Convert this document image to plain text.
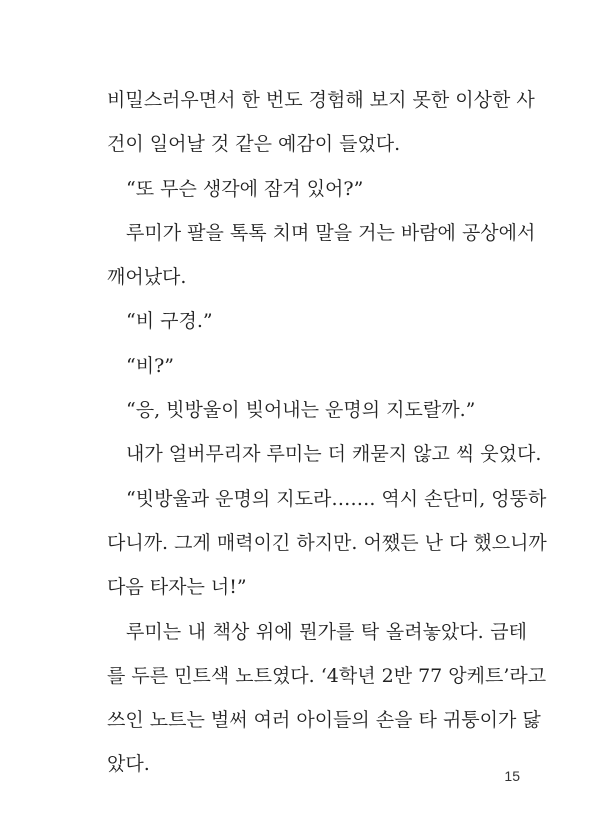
비밀스러우면서 한 번도 경험해 보지 못한 이상한 사
건이 일어날 것 같은 예감이 들었다.
“또 무슨 생각에 잠겨 있어?”
루미가 팔을 톡톡 치며 말을 거는 바람에 공상에서
깨어났다.
“비 구경.”
“비?”
“응, 빗방울이 빚어내는 운명의 지도랄까.”
내가 얼버무리자 루미는 더 캐묻지 않고 씩 웃었다.
“빗방울과 운명의 지도라……. 역시 손단미, 엉뚱하
다니까. 그게 매력이긴 하지만. 어쨌든 난 다 했으니까
다음 타자는 너!”
루미는 내 책상 위에 뭔가를 탁 올려놓았다. 금테
를 두른 민트색 노트였다. ‘4학년 2반 77 앙케트’라고
쓰인 노트는 벌써 여러 아이들의 손을 타 귀퉁이가 닳
았다.
15
